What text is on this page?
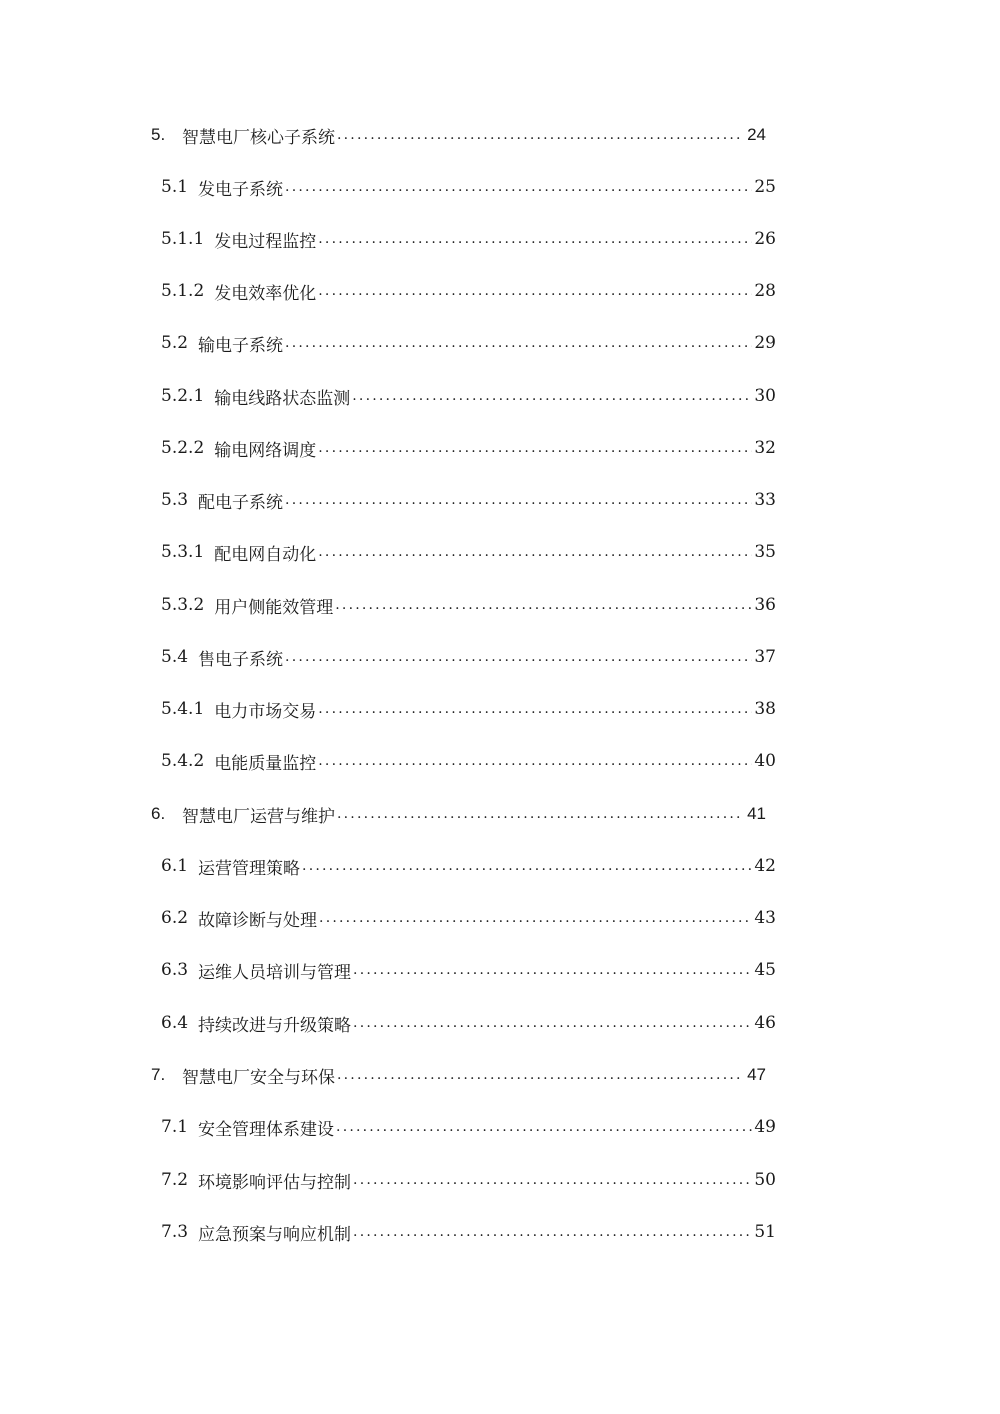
5. 智慧电厂核心子系统 .....	24
5.1 发电子系统 .....	25
5.1.1 发电过程监控 .....	26
5.1.2 发电效率优化 .....	28
5.2 输电子系统 .....	29
5.2.1 输电线路状态监测 .....	30
5.2.2 输电网络调度 .....	32
5.3 配电子系统 .....	33
5.3.1 配电网自动化 .....	35
5.3.2 用户侧能效管理 .....	36
5.4 售电子系统 .....	37
5.4.1 电力市场交易 .....	38
5.4.2 电能质量监控 .....	40
6. 智慧电厂运营与维护 .....	41
6.1 运营管理策略 .....	42
6.2 故障诊断与处理 .....	43
6.3 运维人员培训与管理 .....	45
6.4 持续改进与升级策略 .....	46
7. 智慧电厂安全与环保 .....	47
7.1 安全管理体系建设 .....	49
7.2 环境影响评估与控制 .....	50
7.3 应急预案与响应机制 .....	51
